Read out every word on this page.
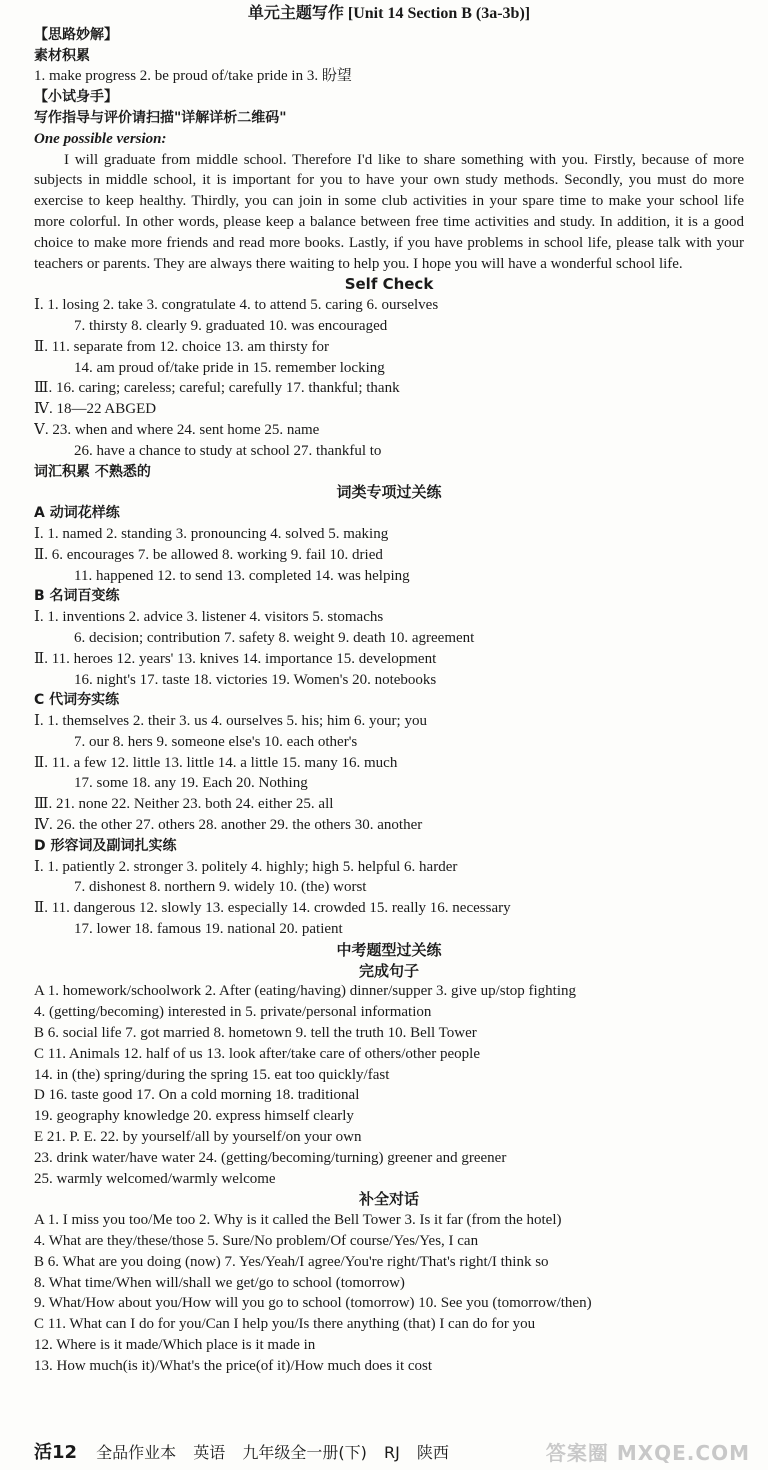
单元主题写作 [Unit 14 Section B (3a-3b)]
【思路妙解】
素材积累
1. make progress 2. be proud of/take pride in 3. 盼望
【小试身手】
写作指导与评价请扫描"详解详析二维码"
One possible version:

I will graduate from middle school. Therefore I'd like to share something with you. Firstly, because of more subjects in middle school, it is important for you to have your own study methods. Secondly, you must do more exercise to keep healthy. Thirdly, you can join in some club activities in your spare time to make your school life more colorful. In other words, please keep a balance between free time activities and study. In addition, it is a good choice to make more friends and read more books. Lastly, if you have problems in school life, please talk with your teachers or parents. They are always there waiting to help you. I hope you will have a wonderful school life.

Self Check
Ⅰ. 1. losing 2. take 3. congratulate 4. to attend 5. caring 6. ourselves
7. thirsty 8. clearly 9. graduated 10. was encouraged
Ⅱ. 11. separate from 12. choice 13. am thirsty for
14. am proud of/take pride in 15. remember locking
Ⅲ. 16. caring; careless; careful; carefully 17. thankful; thank
Ⅳ. 18—22 ABGED
Ⅴ. 23. when and where 24. sent home 25. name
26. have a chance to study at school 27. thankful to
词汇积累 不熟悉的
词类专项过关练
A 动词花样练
Ⅰ. 1. named 2. standing 3. pronouncing 4. solved 5. making
Ⅱ. 6. encourages 7. be allowed 8. working 9. fail 10. dried
11. happened 12. to send 13. completed 14. was helping
B 名词百变练
Ⅰ. 1. inventions 2. advice 3. listener 4. visitors 5. stomachs
6. decision; contribution 7. safety 8. weight 9. death 10. agreement
Ⅱ. 11. heroes 12. years' 13. knives 14. importance 15. development
16. night's 17. taste 18. victories 19. Women's 20. notebooks
C 代词夯实练
Ⅰ. 1. themselves 2. their 3. us 4. ourselves 5. his; him 6. your; you
7. our 8. hers 9. someone else's 10. each other's
Ⅱ. 11. a few 12. little 13. little 14. a little 15. many 16. much
17. some 18. any 19. Each 20. Nothing
Ⅲ. 21. none 22. Neither 23. both 24. either 25. all
Ⅳ. 26. the other 27. others 28. another 29. the others 30. another
D 形容词及副词扎实练
Ⅰ. 1. patiently 2. stronger 3. politely 4. highly; high 5. helpful 6. harder
7. dishonest 8. northern 9. widely 10. (the) worst
Ⅱ. 11. dangerous 12. slowly 13. especially 14. crowded 15. really 16. necessary
17. lower 18. famous 19. national 20. patient
中考题型过关练
完成句子
A 1. homework/schoolwork 2. After (eating/having) dinner/supper 3. give up/stop fighting
4. (getting/becoming) interested in 5. private/personal information
B 6. social life 7. got married 8. hometown 9. tell the truth 10. Bell Tower
C 11. Animals 12. half of us 13. look after/take care of others/other people
14. in (the) spring/during the spring 15. eat too quickly/fast
D 16. taste good 17. On a cold morning 18. traditional
19. geography knowledge 20. express himself clearly
E 21. P. E. 22. by yourself/all by yourself/on your own
23. drink water/have water 24. (getting/becoming/turning) greener and greener
25. warmly welcomed/warmly welcome
补全对话
A 1. I miss you too/Me too 2. Why is it called the Bell Tower 3. Is it far (from the hotel)
4. What are they/these/those 5. Sure/No problem/Of course/Yes/Yes, I can
B 6. What are you doing (now) 7. Yes/Yeah/I agree/You're right/That's right/I think so
8. What time/When will/shall we get/go to school (tomorrow)
9. What/How about you/How will you go to school (tomorrow) 10. See you (tomorrow/then)
C 11. What can I do for you/Can I help you/Is there anything (that) I can do for you
12. Where is it made/Which place is it made in
13. How much(is it)/What's the price(of it)/How much does it cost
活12 全品作业本 英语 九年级全一册(下) RJ 陕西	答案圈 MXQE.COM
